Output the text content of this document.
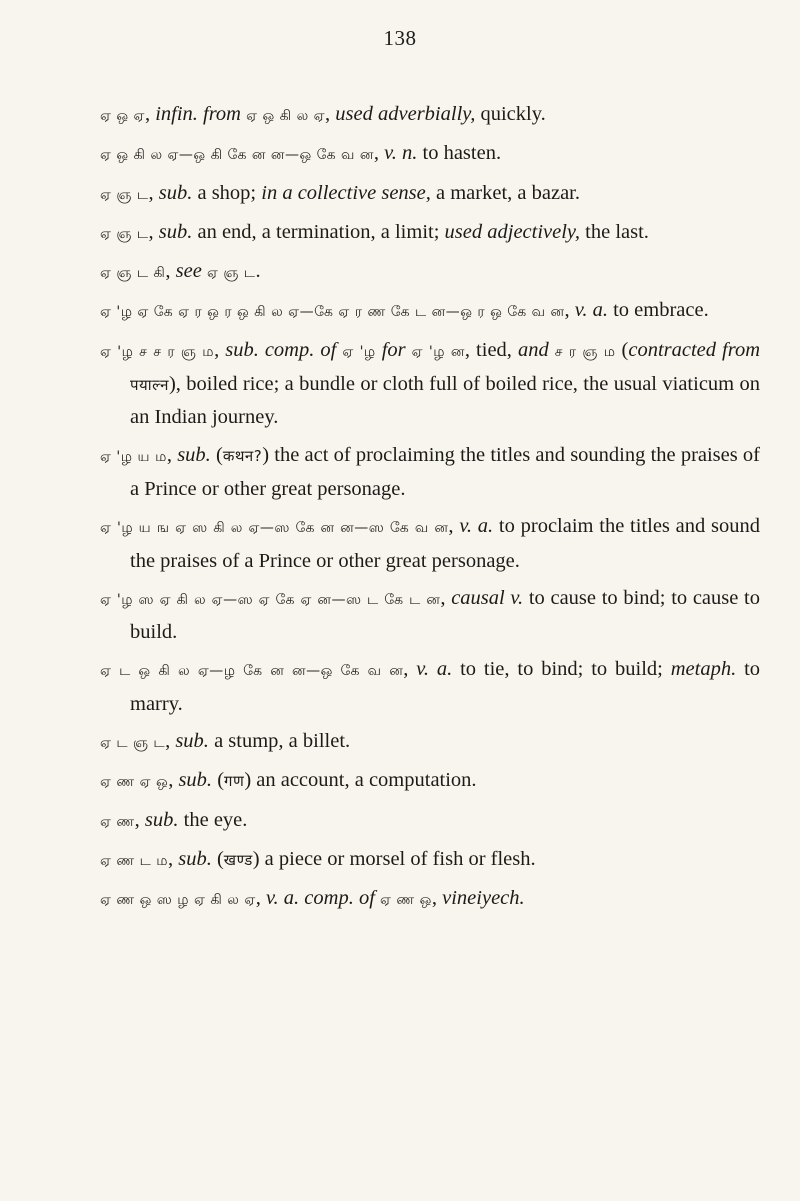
138

ஏ ஒ ஏ, infin. from ஏ ஒ கி ல ஏ, used adverbially, quickly.

ஏ ஒ கி ல ஏ—ஒ கி கே ன ன—ஒ கே வ ன, v. n. to hasten.

ஏ ஞ ட, sub. a shop; in a collective sense, a market, a bazar.

ஏ ஞ ட, sub. an end, a termination, a limit; used adjectively, the last.

ஏ ஞ ட கி, see ஏ ஞ ட.

ஏ 'ழ ஏ கே ஏ ர ஒ ர ஒ கி ல ஏ—கே ஏ ர ண கே ட ன—ஒ ர ஒ கே வ ன, v. a. to embrace.

ஏ 'ழ ச ச ர ஞ ம, sub. comp. of ஏ 'ழ for ஏ 'ழ ன, tied, and ச ர ஞ ம (contracted from पयाल्न), boiled rice; a bundle or cloth full of boiled rice, the usual viaticum on an Indian journey.

ஏ 'ழ ய ம, sub. (कथन?) the act of proclaiming the titles and sounding the praises of a Prince or other great personage.

ஏ 'ழ ய ங ஏ ஸ கி ல ஏ—ஸ கே ன ன—ஸ கே வ ன, v. a. to proclaim the titles and sound the praises of a Prince or other great personage.

ஏ 'ழ ஸ ஏ கி ல ஏ—ஸ ஏ கே ஏ ன—ஸ ட கே ட ன, causal v. to cause to bind; to cause to build.

ஏ ட ஒ கி ல ஏ—ழ கே ன ன—ஒ கே வ ன, v. a. to tie, to bind; to build; metaph. to marry.

ஏ ட ஞ ட, sub. a stump, a billet.

ஏ ண ஏ ஒ, sub. (गण) an account, a computation.

ஏ ண, sub. the eye.

ஏ ண ட ம, sub. (खण्ड) a piece or morsel of fish or flesh.

ஏ ண ஒ ஸ ழ ஏ கி ல ஏ, v. a. comp. of ஏ ண ஒ, vineiyech.
